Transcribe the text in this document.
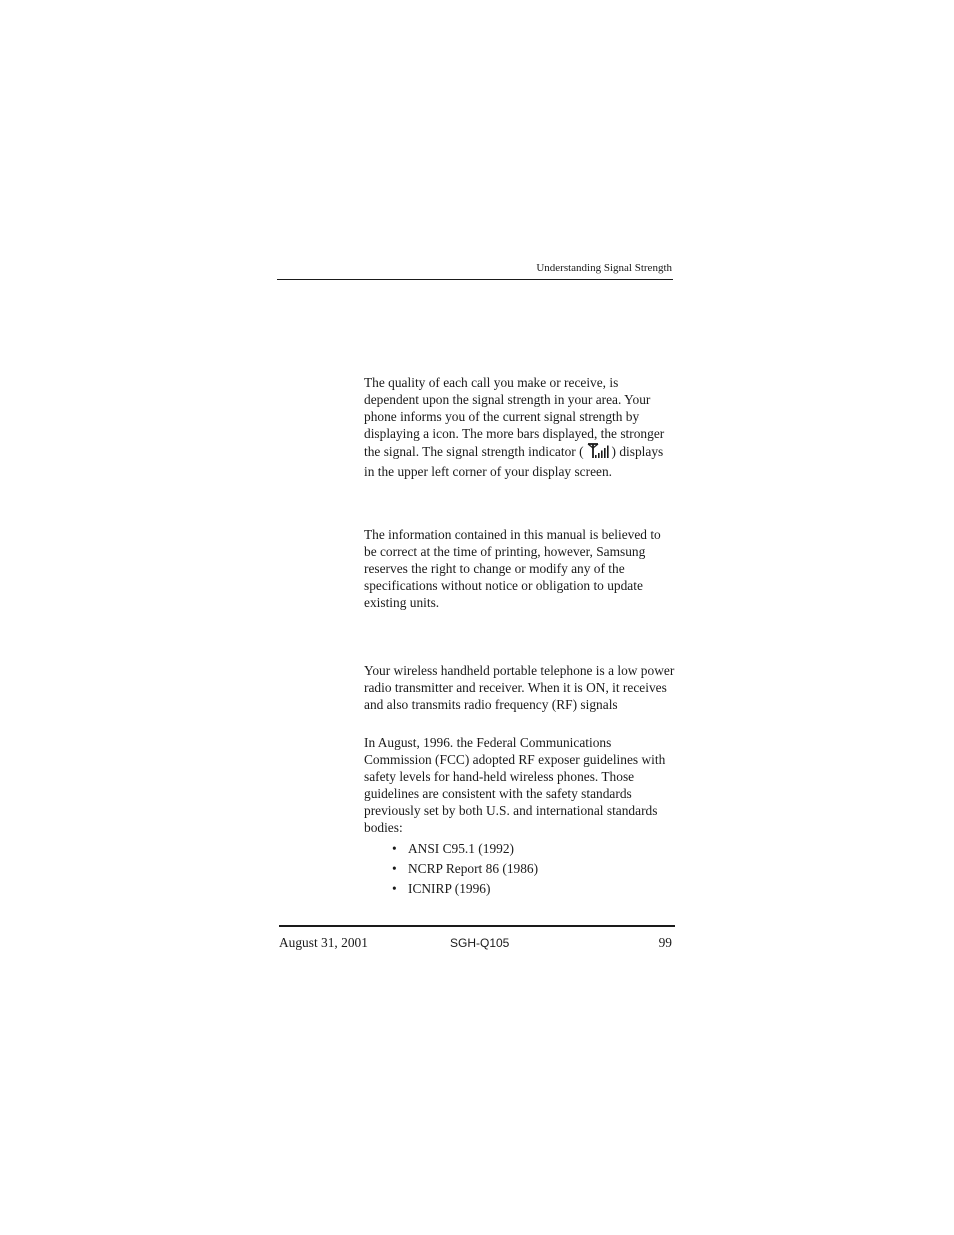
Understanding Signal Strength

The quality of each call you make or receive, is dependent upon the signal strength in your area. Your phone informs you of the current signal strength by displaying a icon. The more bars displayed, the stronger the signal. The signal strength indicator ( ) displays in the upper left corner of your display screen.

The information contained in this manual is believed to be correct at the time of printing, however, Samsung reserves the right to change or modify any of the specifications without notice or obligation to update existing units.

Your wireless handheld portable telephone is a low power radio transmitter and receiver. When it is ON, it receives and also transmits radio frequency (RF) signals

In August, 1996. the Federal Communications Commission (FCC) adopted RF exposer guidelines with safety levels for hand-held wireless phones. Those guidelines are consistent with the safety standards previously set by both U.S. and international standards bodies:

• ANSI C95.1 (1992)
• NCRP Report 86 (1986)
• ICNIRP (1996)
August 31, 2001	SGH-Q105	99
